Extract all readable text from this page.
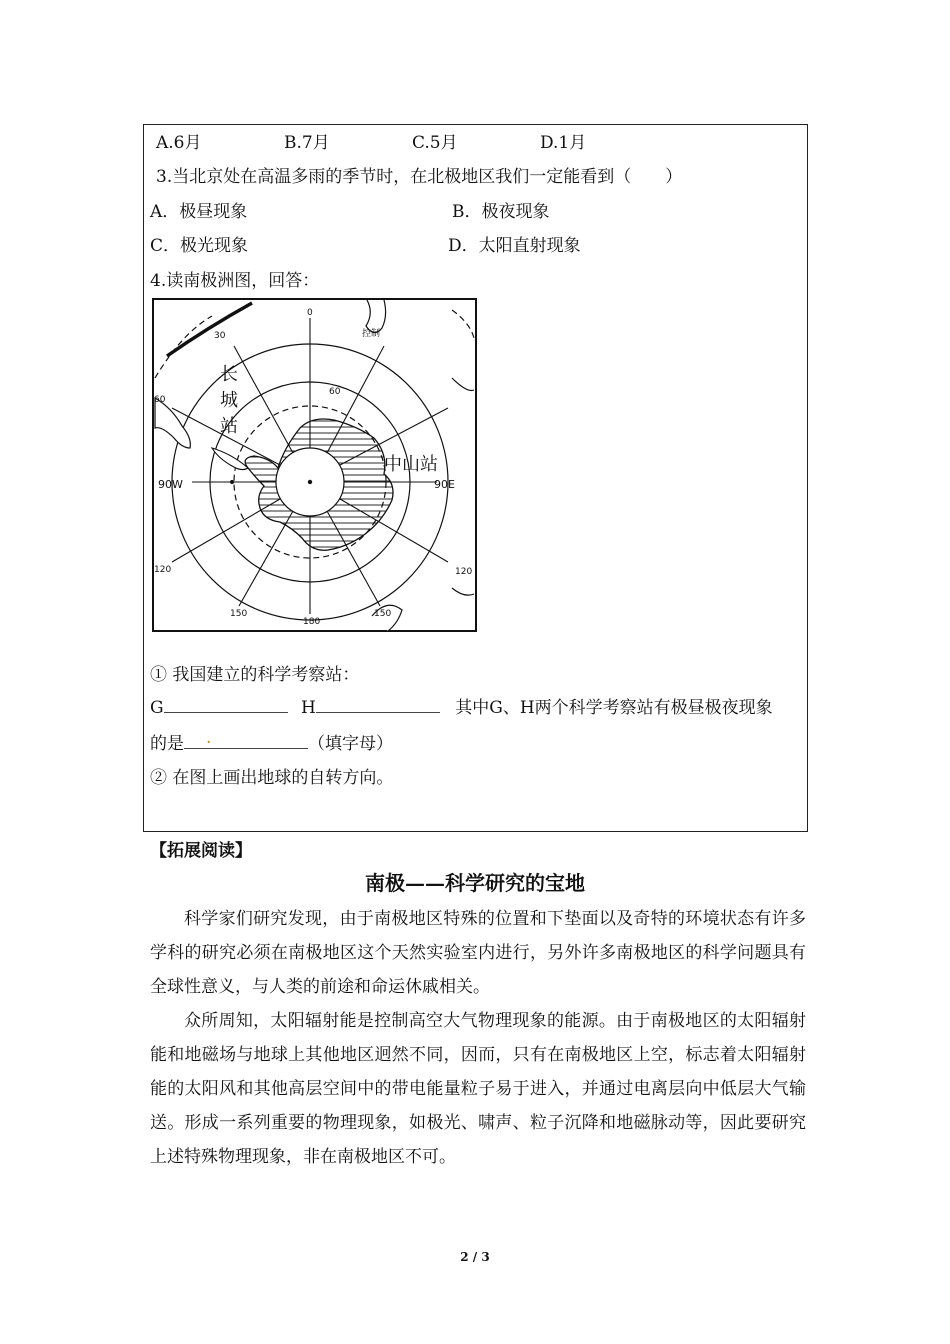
A.6月	B.7月	C.5月	D.1月
3.当北京处在高温多雨的季节时，在北极地区我们一定能看到（　　）
A．极昼现象	B．极夜现象
C．极光现象	D．太阳直射现象
4.读南极洲图，回答：
0
30
60
60
90W	90E
120	120
150	150
180
控制
长
城
站
中山站
① 我国建立的科学考察站：
G	H	其中G、H两个科学考察站有极昼极夜现象
的是 .	（填字母）
② 在图上画出地球的自转方向。
【拓展阅读】
南极——科学研究的宝地

科学家们研究发现，由于南极地区特殊的位置和下垫面以及奇特的环境状态有许多学科的研究必须在南极地区这个天然实验室内进行，另外许多南极地区的科学问题具有全球性意义，与人类的前途和命运休戚相关。

众所周知，太阳辐射能是控制高空大气物理现象的能源。由于南极地区的太阳辐射能和地磁场与地球上其他地区迥然不同，因而，只有在南极地区上空，标志着太阳辐射能的太阳风和其他高层空间中的带电能量粒子易于进入，并通过电离层向中低层大气输送。形成一系列重要的物理现象，如极光、啸声、粒子沉降和地磁脉动等，因此要研究上述特殊物理现象，非在南极地区不可。

2 / 3
